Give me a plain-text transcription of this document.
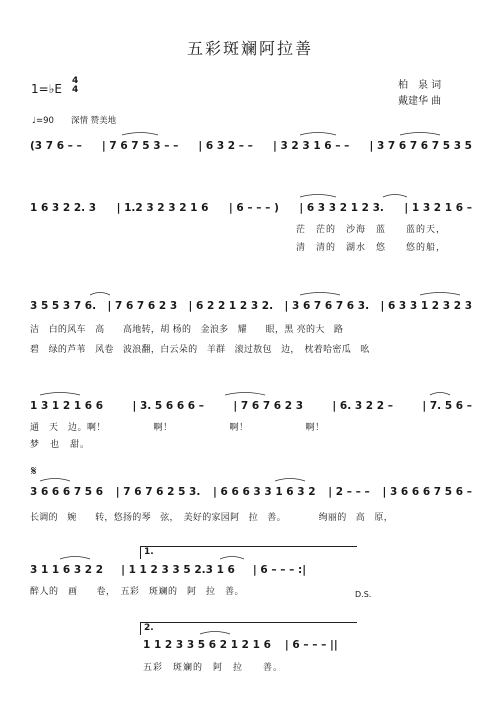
五彩斑斓阿拉善
1=♭E
4
4	柏　泉 词
戴建华 曲
♩=90　　深情 赞美地
(3 7 6 – – | 7 6 7 5 3 – – | 6 3 2 – – | 3 2 3 1 6 – – | 3 7 6 7 6 7 5 3 5
1 6 3 2 2. 3 | 1.2 3 2 3 2 1 6 | 6 – – – ) | 6 3 3 2 1 2 3. | 1 3 2 1 6 –
茫　茫的　沙海　蓝　　蓝的天，
清　清的　湖水　悠　　悠的船，
3 5 5 3 7 6. | 7 6 7 6 2 3 | 6 2 2 1 2 3 2. | 3 6 7 6 7 6 3. | 6 3 3 1 2 3 2 3
洁　白的风车　高　　高地转，胡 杨的　金浪多　耀　　眼，黑 亮的大　路
碧　绿的芦苇　风卷　波浪翻，白云朵的　羊群　滚过敖包　边，　枕着哈密瓜　吆
1 3 1 2 1 6 6	| 3. 5 6 6 6 –	| 7 6 7 6 2 3	| 6. 3 2 2 –	| 7. 5 6 –
通　天　边。啊！　　　　　啊！　　　　　　啊！　　　　　　啊！
梦　也　甜。
𝄋
3 6 6 6 7 5 6 | 7 6 7 6 2 5 3. | 6 6 6 3 3 1 6 3 2 | 2 – – – | 3 6 6 6 7 5 6 –
长调的　婉　　转，悠扬的琴　弦，　美好的家园阿　拉　善。　　　　绚丽的　高　原，
1.
3 1 1 6 3 2 2 | 1 1 2 3 3 5 2.3 1 6 | 6 – – – :|
醉人的　画　　卷，　五彩　斑斓的　阿　拉　善。	D.S.
2.
1 1 2 3 3 5 6 2 1 2 1 6 | 6 – – – ||
五彩　斑斓的　阿　拉　　善。
